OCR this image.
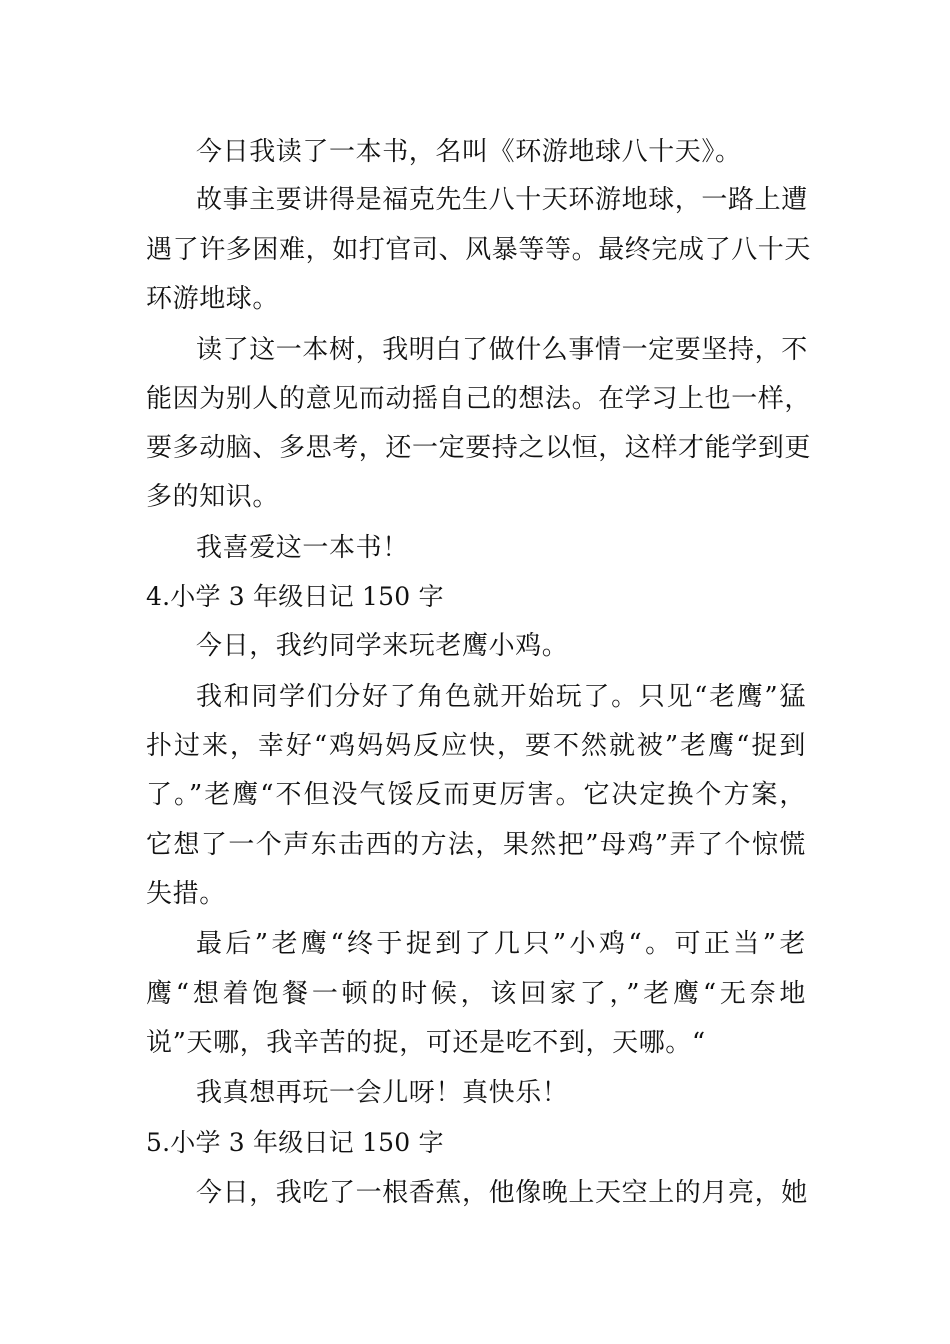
今日我读了一本书，名叫《环游地球八十天》。
故事主要讲得是福克先生八十天环游地球，一路上遭
遇了许多困难，如打官司、风暴等等。最终完成了八十天
环游地球。
读了这一本树，我明白了做什么事情一定要坚持，不
能因为别人的意见而动摇自己的想法。在学习上也一样，
要多动脑、多思考，还一定要持之以恒，这样才能学到更
多的知识。
我喜爱这一本书！
4.小学 3 年级日记 150 字
今日，我约同学来玩老鹰小鸡。
我和同学们分好了角色就开始玩了。只见“老鹰”猛
扑过来，幸好“鸡妈妈反应快，要不然就被”老鹰“捉到
了。”老鹰“不但没气馁反而更厉害。它决定换个方案，
它想了一个声东击西的方法，果然把”母鸡”弄了个惊慌
失措。
最后”老鹰“终于捉到了几只”小鸡“。可正当”老
鹰“想着饱餐一顿的时候，该回家了，”老鹰“无奈地
说”天哪，我辛苦的捉，可还是吃不到，天哪。“
我真想再玩一会儿呀！真快乐！
5.小学 3 年级日记 150 字
今日，我吃了一根香蕉，他像晚上天空上的月亮，她
